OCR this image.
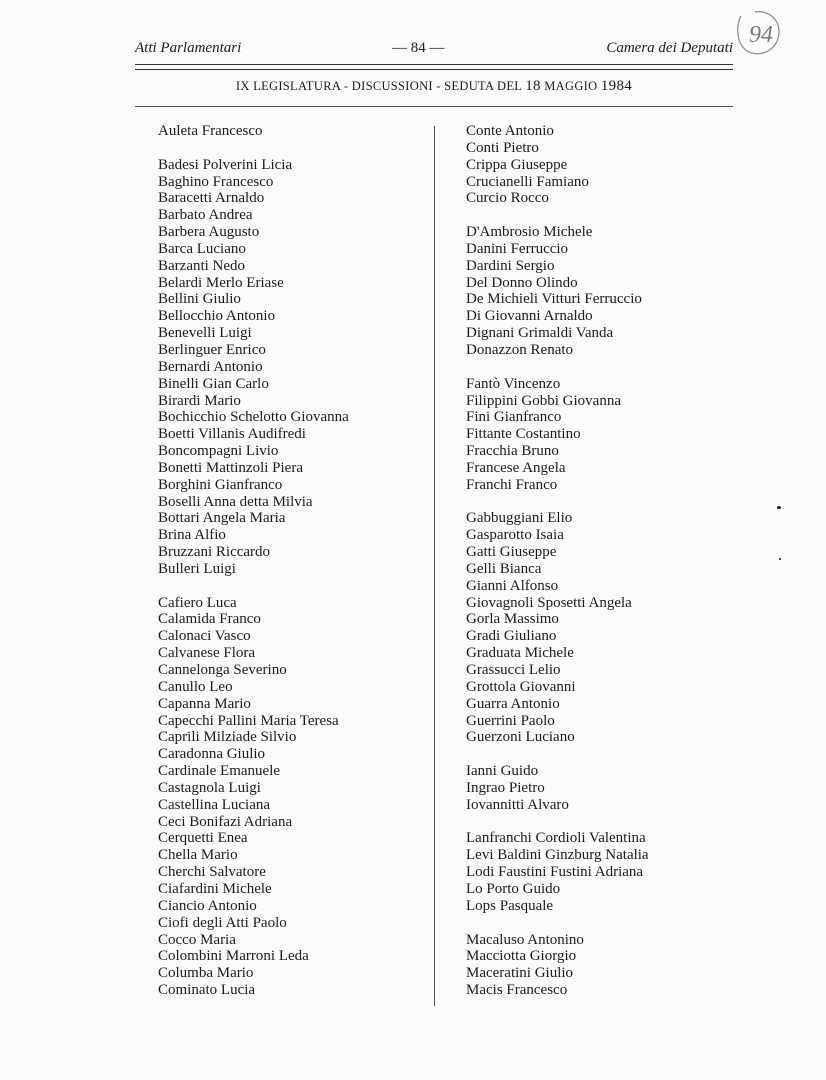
Atti Parlamentari	— 84 —	Camera dei Deputati 94
IX LEGISLATURA - DISCUSSIONI - SEDUTA DEL 18 MAGGIO 1984
Auleta Francesco
Badesi Polverini Licia
Baghino Francesco
Baracetti Arnaldo
Barbato Andrea
Barbera Augusto
Barca Luciano
Barzanti Nedo
Belardi Merlo Eriase
Bellini Giulio
Bellocchio Antonio
Benevelli Luigi
Berlinguer Enrico
Bernardi Antonio
Binelli Gian Carlo
Birardi Mario
Bochicchio Schelotto Giovanna
Boetti Villanis Audifredi
Boncompagni Livio
Bonetti Mattinzoli Piera
Borghini Gianfranco
Boselli Anna detta Milvia
Bottari Angela Maria
Brina Alfio
Bruzzani Riccardo
Bulleri Luigi
Cafiero Luca
Calamida Franco
Calonaci Vasco
Calvanese Flora
Cannelonga Severino
Canullo Leo
Capanna Mario
Capecchi Pallini Maria Teresa
Caprili Milziade Silvio
Caradonna Giulio
Cardinale Emanuele
Castagnola Luigi
Castellina Luciana
Ceci Bonifazi Adriana
Cerquetti Enea
Chella Mario
Cherchi Salvatore
Ciafardini Michele
Ciancio Antonio
Ciofi degli Atti Paolo
Cocco Maria
Colombini Marroni Leda
Columba Mario
Cominato Lucia
Conte Antonio
Conti Pietro
Crippa Giuseppe
Crucianelli Famiano
Curcio Rocco
D'Ambrosio Michele
Danini Ferruccio
Dardini Sergio
Del Donno Olindo
De Michieli Vitturi Ferruccio
Di Giovanni Arnaldo
Dignani Grimaldi Vanda
Donazzon Renato
Fantò Vincenzo
Filippini Gobbi Giovanna
Fini Gianfranco
Fittante Costantino
Fracchia Bruno
Francese Angela
Franchi Franco
Gabbuggiani Elio
Gasparotto Isaia
Gatti Giuseppe
Gelli Bianca
Gianni Alfonso
Giovagnoli Sposetti Angela
Gorla Massimo
Gradi Giuliano
Graduata Michele
Grassucci Lelio
Grottola Giovanni
Guarra Antonio
Guerrini Paolo
Guerzoni Luciano
Ianni Guido
Ingrao Pietro
Iovannitti Alvaro
Lanfranchi Cordioli Valentina
Levi Baldini Ginzburg Natalia
Lodi Faustini Fustini Adriana
Lo Porto Guido
Lops Pasquale
Macaluso Antonino
Macciotta Giorgio
Maceratini Giulio
Macis Francesco
